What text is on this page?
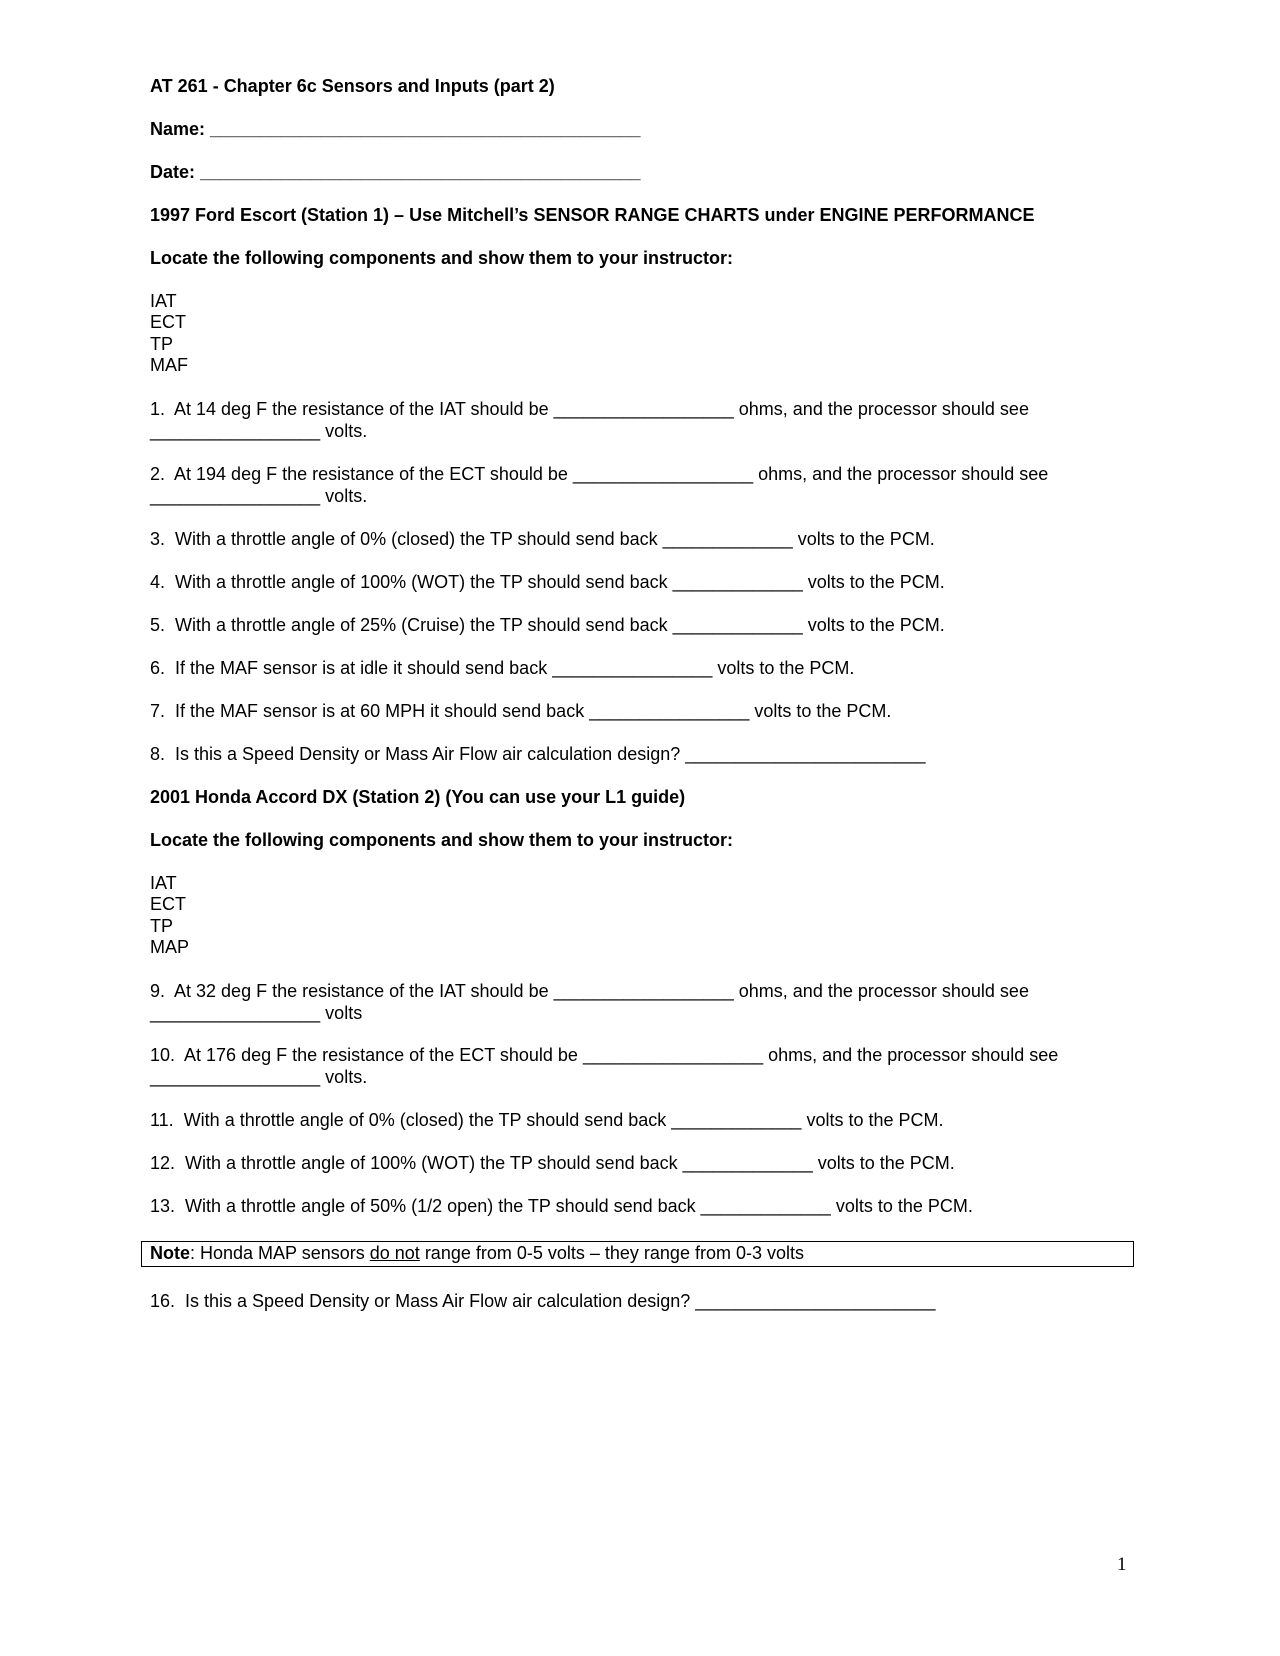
AT 261 - Chapter 6c Sensors and Inputs (part 2)
Name: ___________________________________________
Date: ____________________________________________
1997 Ford Escort (Station 1) – Use Mitchell’s SENSOR RANGE CHARTS under ENGINE PERFORMANCE
Locate the following components and show them to your instructor:
IAT
ECT
TP
MAF
1.  At 14 deg F the resistance of the IAT should be __________________ ohms, and the processor should see
_________________ volts.
2.  At 194 deg F the resistance of the ECT should be __________________ ohms, and the processor should see
_________________ volts.
3.  With a throttle angle of 0% (closed) the TP should send back _____________ volts to the PCM.
4.  With a throttle angle of 100% (WOT) the TP should send back _____________ volts to the PCM.
5.  With a throttle angle of 25% (Cruise) the TP should send back _____________ volts to the PCM.
6.  If the MAF sensor is at idle it should send back ________________ volts to the PCM.
7.  If the MAF sensor is at 60 MPH it should send back ________________ volts to the PCM.
8.  Is this a Speed Density or Mass Air Flow air calculation design? ________________________
2001 Honda Accord DX (Station 2) (You can use your L1 guide)
Locate the following components and show them to your instructor:
IAT
ECT
TP
MAP
9.  At 32 deg F the resistance of the IAT should be __________________ ohms, and the processor should see
_________________ volts
10.  At 176 deg F the resistance of the ECT should be __________________ ohms, and the processor should see
_________________ volts.
11.  With a throttle angle of 0% (closed) the TP should send back _____________ volts to the PCM.
12.  With a throttle angle of 100% (WOT) the TP should send back _____________ volts to the PCM.
13.  With a throttle angle of 50% (1/2 open) the TP should send back _____________ volts to the PCM.
Note: Honda MAP sensors do not range from 0-5 volts – they range from 0-3 volts
16.  Is this a Speed Density or Mass Air Flow air calculation design? ________________________
1
